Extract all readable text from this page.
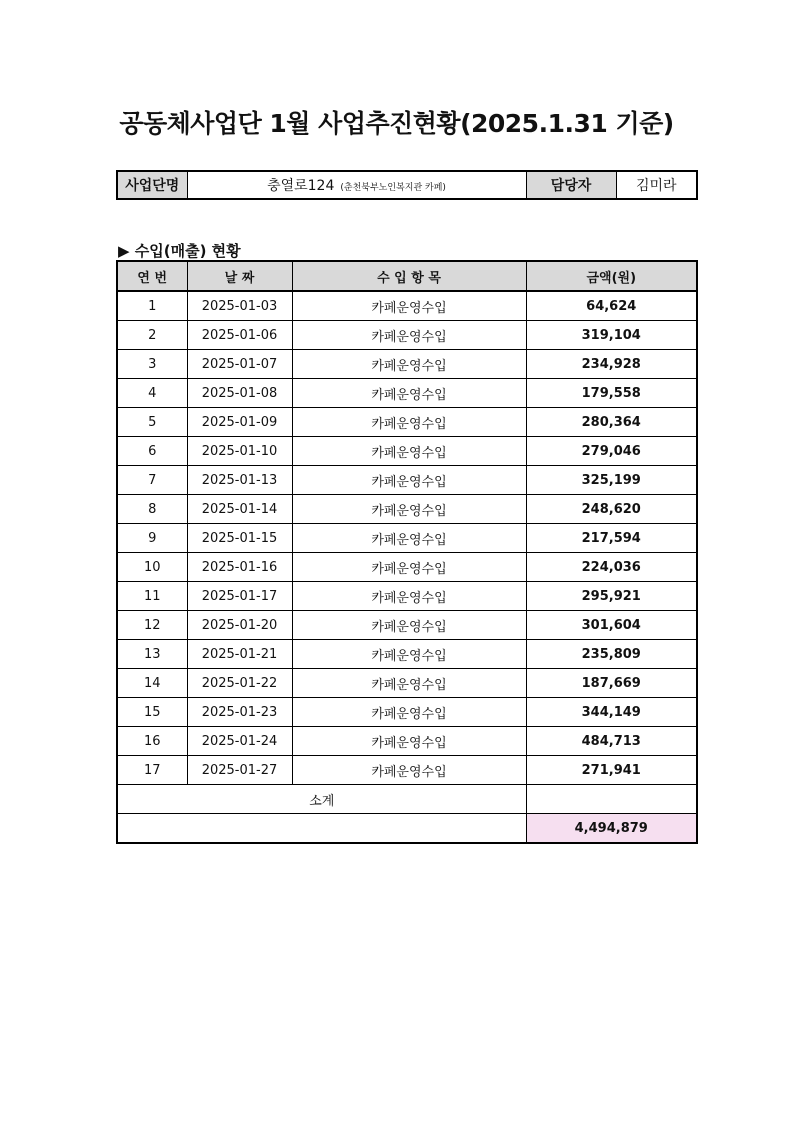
공동체사업단 1월 사업추진현황(2025.1.31 기준)
사업단명	충열로124 (춘천북부노인복지관 카페)	담당자	김미라
▶ 수입(매출) 현황
연 번	날 짜	수 입 항 목	금액(원)
1	2025-01-03	카페운영수입	64,624
2	2025-01-06	카페운영수입	319,104
3	2025-01-07	카페운영수입	234,928
4	2025-01-08	카페운영수입	179,558
5	2025-01-09	카페운영수입	280,364
6	2025-01-10	카페운영수입	279,046
7	2025-01-13	카페운영수입	325,199
8	2025-01-14	카페운영수입	248,620
9	2025-01-15	카페운영수입	217,594
10	2025-01-16	카페운영수입	224,036
11	2025-01-17	카페운영수입	295,921
12	2025-01-20	카페운영수입	301,604
13	2025-01-21	카페운영수입	235,809
14	2025-01-22	카페운영수입	187,669
15	2025-01-23	카페운영수입	344,149
16	2025-01-24	카페운영수입	484,713
17	2025-01-27	카페운영수입	271,941
소계			
			4,494,879
